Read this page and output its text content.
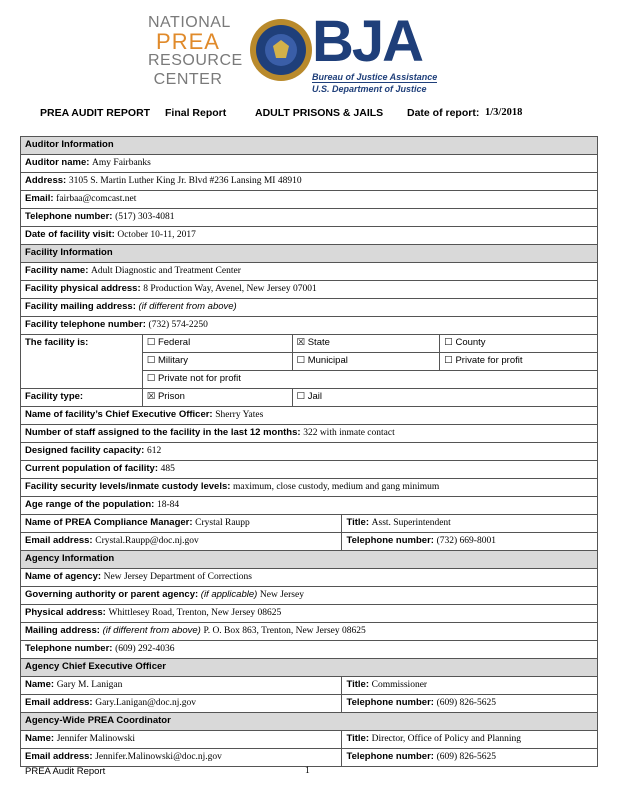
NATIONAL
PREA
RESOURCE
CENTER
BJA
Bureau of Justice Assistance
U.S. Department of Justice
PREA AUDIT REPORT Final Report	ADULT PRISONS & JAILS Date of report: 1/3/2018
Auditor Information				
Auditor name: Amy Fairbanks				
Address: 3105 S. Martin Luther King Jr. Blvd #236 Lansing MI 48910				
Email: fairbaa@comcast.net				
Telephone number: (517) 303-4081				
Date of facility visit: October 10-11, 2017				
Facility Information				
Facility name: Adult Diagnostic and Treatment Center				
Facility physical address: 8 Production Way, Avenel, New Jersey 07001				
Facility mailing address: (if different from above)				
Facility telephone number: (732) 574-2250				
The facility is:	☐ Federal	☒ State		☐ County
	☐ Military	☐ Municipal		☐ Private for profit
	☐ Private not for profit			
Facility type:	☒ Prison	☐ Jail		
Name of facility’s Chief Executive Officer: Sherry Yates				
Number of staff assigned to the facility in the last 12 months: 322 with inmate contact				
Designed facility capacity: 612				
Current population of facility: 485				
Facility security levels/inmate custody levels: maximum, close custody, medium and gang minimum				
Age range of the population: 18-84				
Name of PREA Compliance Manager: Crystal Raupp			Title: Asst. Superintendent	
Email address: Crystal.Raupp@doc.nj.gov			Telephone number: (732) 669-8001	
Agency Information				
Name of agency: New Jersey Department of Corrections				
Governing authority or parent agency: (if applicable) New Jersey				
Physical address: Whittlesey Road, Trenton, New Jersey 08625				
Mailing address: (if different from above) P. O. Box 863, Trenton, New Jersey 08625				
Telephone number: (609) 292-4036				
Agency Chief Executive Officer				
Name: Gary M. Lanigan			Title: Commissioner	
Email address: Gary.Lanigan@doc.nj.gov			Telephone number: (609) 826-5625	
Agency-Wide PREA Coordinator				
Name: Jennifer Malinowski			Title: Director, Office of Policy and Planning	
Email address: Jennifer.Malinowski@doc.nj.gov			Telephone number: (609) 826-5625	
PREA Audit Report	1
